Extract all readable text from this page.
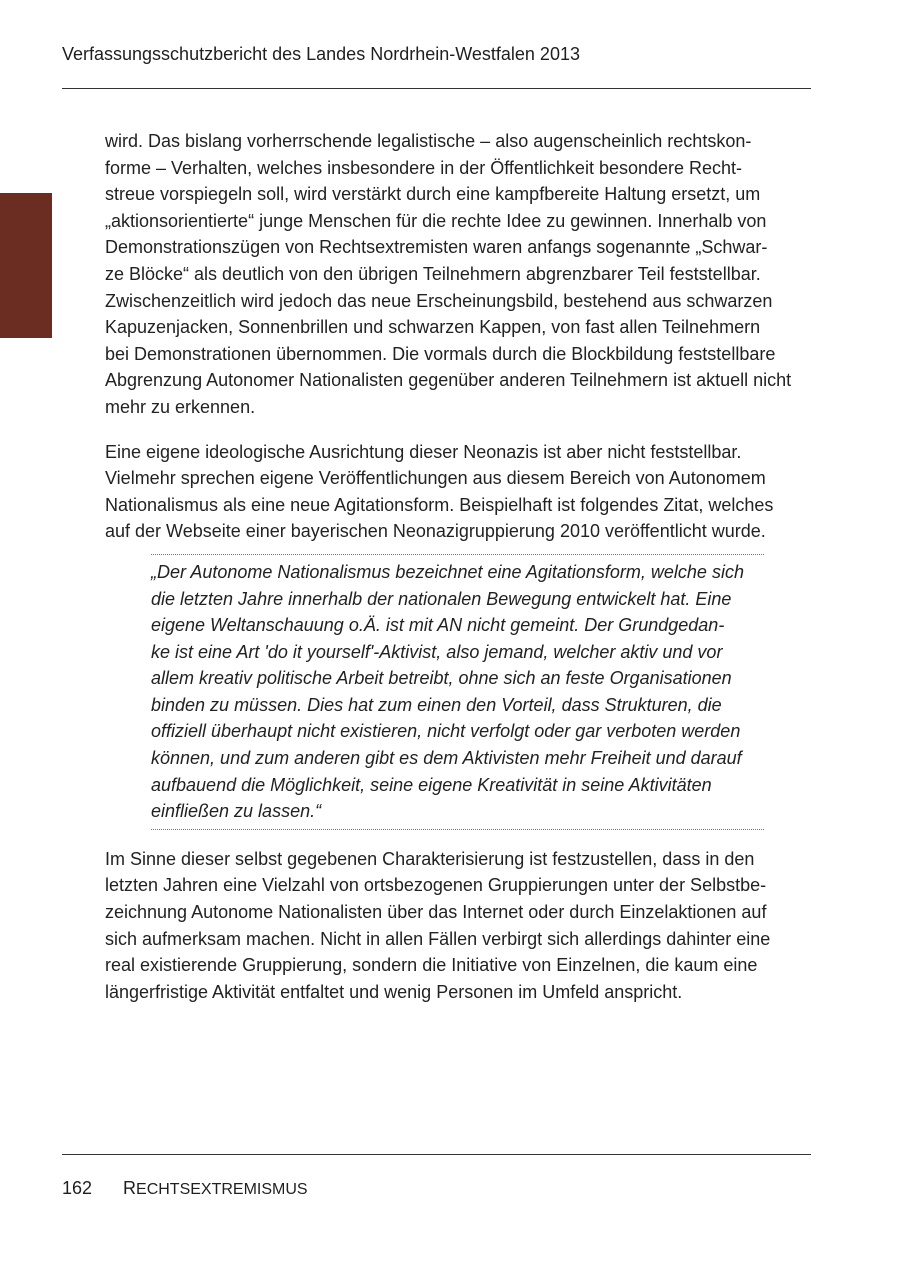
Verfassungsschutzbericht des Landes Nordrhein-Westfalen 2013

wird. Das bislang vorherrschende legalistische – also augenscheinlich rechtskon-
forme – Verhalten, welches insbesondere in der Öffentlichkeit besondere Recht-
streue vorspiegeln soll, wird verstärkt durch eine kampfbereite Haltung ersetzt, um
„aktionsorientierte“ junge Menschen für die rechte Idee zu gewinnen. Innerhalb von
Demonstrationszügen von Rechtsextremisten waren anfangs sogenannte „Schwar-
ze Blöcke“ als deutlich von den übrigen Teilnehmern abgrenzbarer Teil feststellbar.
Zwischenzeitlich wird jedoch das neue Erscheinungsbild, bestehend aus schwarzen
Kapuzenjacken, Sonnenbrillen und schwarzen Kappen, von fast allen Teilnehmern
bei Demonstrationen übernommen. Die vormals durch die Blockbildung feststellbare
Abgrenzung Autonomer Nationalisten gegenüber anderen Teilnehmern ist aktuell nicht
mehr zu erkennen.

Eine eigene ideologische Ausrichtung dieser Neonazis ist aber nicht feststellbar.
Vielmehr sprechen eigene Veröffentlichungen aus diesem Bereich von Autonomem
Nationalismus als eine neue Agitationsform. Beispielhaft ist folgendes Zitat, welches
auf der Webseite einer bayerischen Neonazigruppierung 2010 veröffentlicht wurde.

„Der Autonome Nationalismus bezeichnet eine Agitationsform, welche sich
die letzten Jahre innerhalb der nationalen Bewegung entwickelt hat. Eine
eigene Weltanschauung o.Ä. ist mit AN nicht gemeint. Der Grundgedan-
ke ist eine Art 'do it yourself'-Aktivist, also jemand, welcher aktiv und vor
allem kreativ politische Arbeit betreibt, ohne sich an feste Organisationen
binden zu müssen. Dies hat zum einen den Vorteil, dass Strukturen, die
offiziell überhaupt nicht existieren, nicht verfolgt oder gar verboten werden
können, und zum anderen gibt es dem Aktivisten mehr Freiheit und darauf
aufbauend die Möglichkeit, seine eigene Kreativität in seine Aktivitäten
einfließen zu lassen.“

Im Sinne dieser selbst gegebenen Charakterisierung ist festzustellen, dass in den
letzten Jahren eine Vielzahl von ortsbezogenen Gruppierungen unter der Selbstbe-
zeichnung Autonome Nationalisten über das Internet oder durch Einzelaktionen auf
sich aufmerksam machen. Nicht in allen Fällen verbirgt sich allerdings dahinter eine
real existierende Gruppierung, sondern die Initiative von Einzelnen, die kaum eine
längerfristige Aktivität entfaltet und wenig Personen im Umfeld anspricht.

162 RECHTSEXTREMISMUS
